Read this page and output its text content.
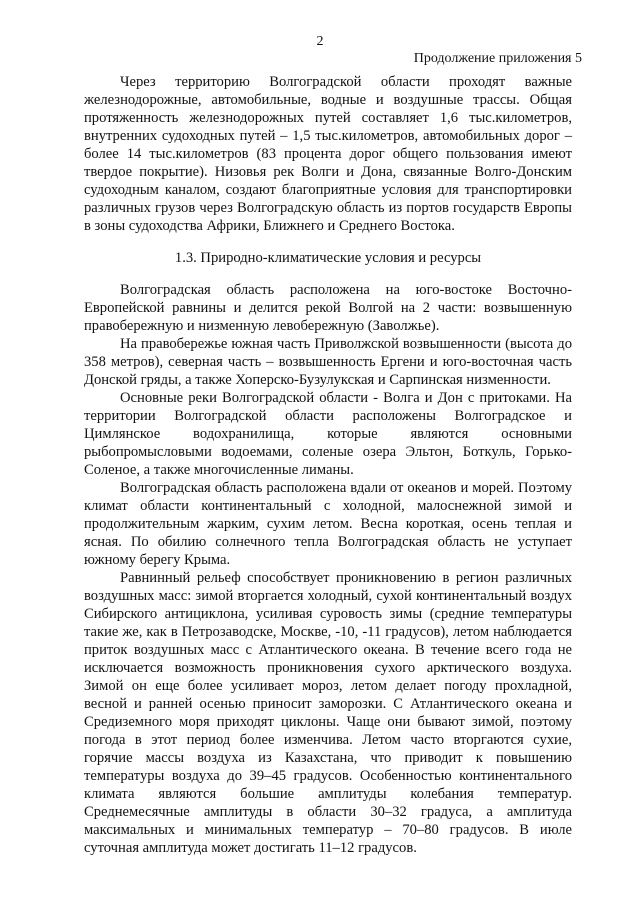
2
Продолжение приложения 5

Через территорию Волгоградской области проходят важные железнодорожные, автомобильные, водные и воздушные трассы. Общая протяженность железнодорожных путей составляет 1,6 тыс.километров, внутренних судоходных путей – 1,5 тыс.километров, автомобильных дорог – более 14 тыс.километров (83 процента дорог общего пользования имеют твердое покрытие). Низовья рек Волги и Дона, связанные Волго-Донским судоходным каналом, создают благоприятные условия для транспортировки различных грузов через Волгоградскую область из портов государств Европы в зоны судоходства Африки, Ближнего и Среднего Востока.

1.3. Природно-климатические условия и ресурсы

Волгоградская область расположена на юго-востоке Восточно-Европейской равнины и делится рекой Волгой на 2 части: возвышенную правобережную и низменную левобережную (Заволжье).

На правобережье южная часть Приволжской возвышенности (высота до 358 метров), северная часть – возвышенность Ергени и юго-восточная часть Донской гряды, а также Хоперско-Бузулукская и Сарпинская низменности.

Основные реки Волгоградской области - Волга и Дон с притоками. На территории Волгоградской области расположены Волгоградское и Цимлянское водохранилища, которые являются основными рыбопромысловыми водоемами, соленые озера Эльтон, Боткуль, Горько-Соленое, а также многочисленные лиманы.

Волгоградская область расположена вдали от океанов и морей. Поэтому климат области континентальный с холодной, малоснежной зимой и продолжительным жарким, сухим летом. Весна короткая, осень теплая и ясная. По обилию солнечного тепла Волгоградская область не уступает южному берегу Крыма.

Равнинный рельеф способствует проникновению в регион различных воздушных масс: зимой вторгается холодный, сухой континентальный воздух Сибирского антициклона, усиливая суровость зимы (средние температуры такие же, как в Петрозаводске, Москве, -10, -11 градусов), летом наблюдается приток воздушных масс с Атлантического океана. В течение всего года не исключается возможность проникновения сухого арктического воздуха. Зимой он еще более усиливает мороз, летом делает погоду прохладной, весной и ранней осенью приносит заморозки. С Атлантического океана и Средиземного моря приходят циклоны. Чаще они бывают зимой, поэтому погода в этот период более изменчива. Летом часто вторгаются сухие, горячие массы воздуха из Казахстана, что приводит к повышению температуры воздуха до 39–45 градусов. Особенностью континентального климата являются большие амплитуды колебания температур. Среднемесячные амплитуды в области 30–32 градуса, а амплитуда максимальных и минимальных температур – 70–80 градусов. В июле суточная амплитуда может достигать 11–12 градусов.
